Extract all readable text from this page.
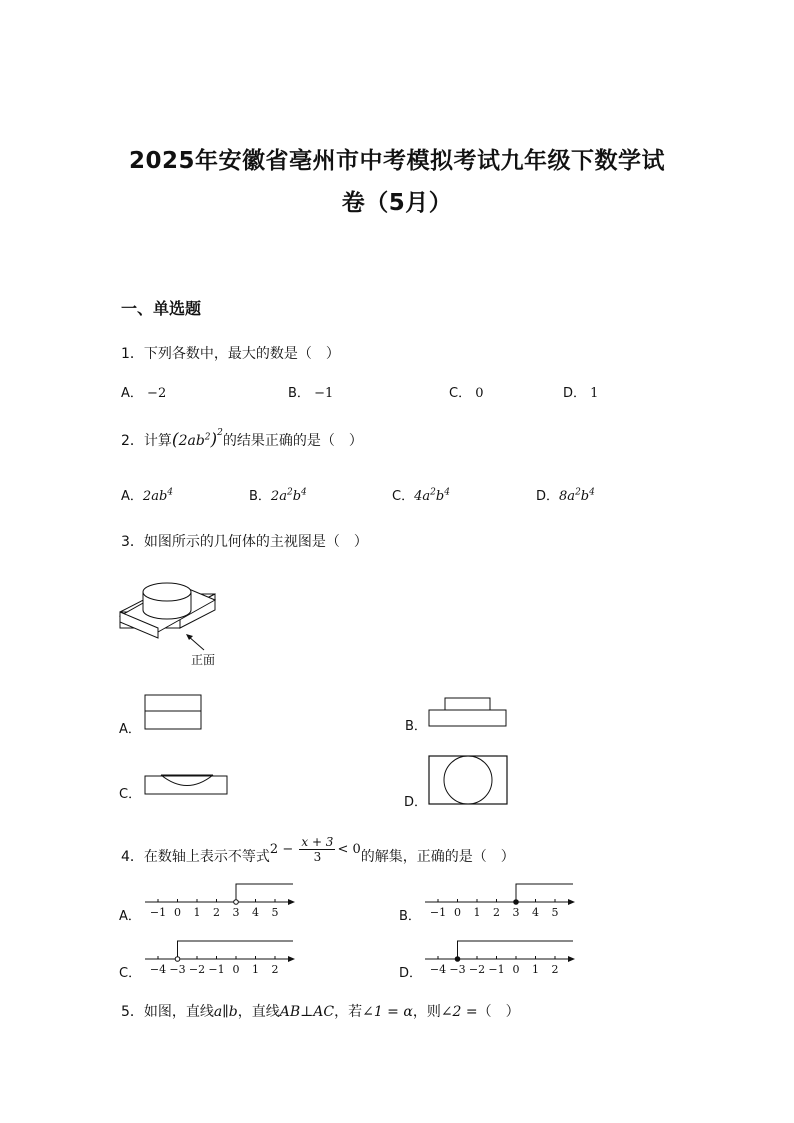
2025年安徽省亳州市中考模拟考试九年级下数学试
卷（5月）
一、单选题
1．下列各数中，最大的数是（　）
A． −2	B． −1	C． 0	D． 1
2．计算$(2ab^2)^2$的结果正确的是（　）
A．$2ab^4$	B．$2a^2b^4$	C．$4a^2b^4$	D．$8a^2b^4$
3．如图所示的几何体的主视图是（　）
正面
A．	B．
C．
D．
4．在数轴上表示不等式$2 - \frac{x + 3}{3} < 0$的解集，正确的是（　）
A． −1 0 1 2 3 4 5	B． −1 0 1 2 3 4 5
C． −4 −3 −2 −1 0 1 2	D． −4 −3 −2 −1 0 1 2
5．如图，直线a∥b，直线AB⊥AC，若∠1 = α，则∠2 =（　）
